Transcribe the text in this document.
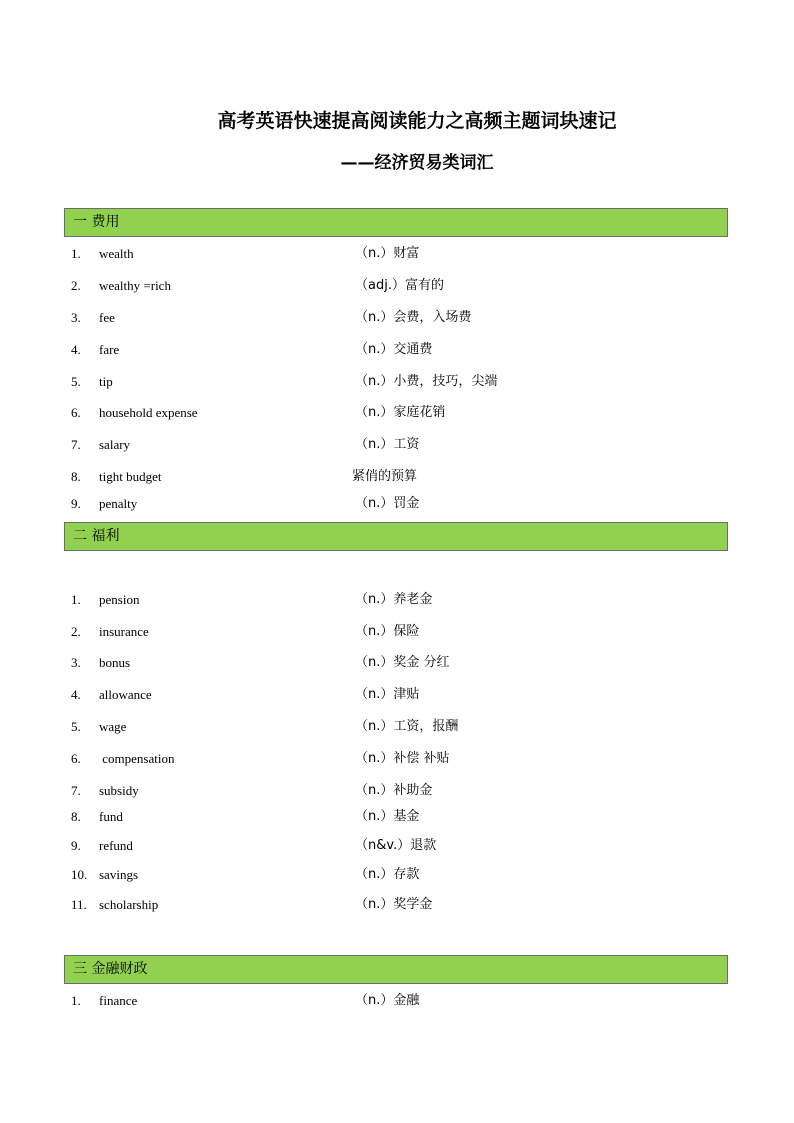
高考英语快速提高阅读能力之高频主题词块速记
——经济贸易类词汇
一 费用
1. wealth	（n.）财富
2. wealthy =rich	（adj.）富有的
3. fee	（n.）会费，入场费
4. fare	（n.）交通费
5. tip	（n.）小费，技巧，尖端
6. household expense	（n.）家庭花销
7. salary	（n.）工资
8. tight budget	紧俏的预算
9. penalty	（n.）罚金
二 福利
1. pension	（n.）养老金
2. insurance	（n.）保险
3. bonus	（n.）奖金 分红
4. allowance	（n.）津贴
5. wage	（n.）工资，报酬
6. compensation	（n.）补偿 补贴
7. subsidy	（n.）补助金
8. fund	（n.）基金
9. refund	（n&v.）退款
10. savings	（n.）存款
11. scholarship	（n.）奖学金
三 金融财政
1. finance	（n.）金融
